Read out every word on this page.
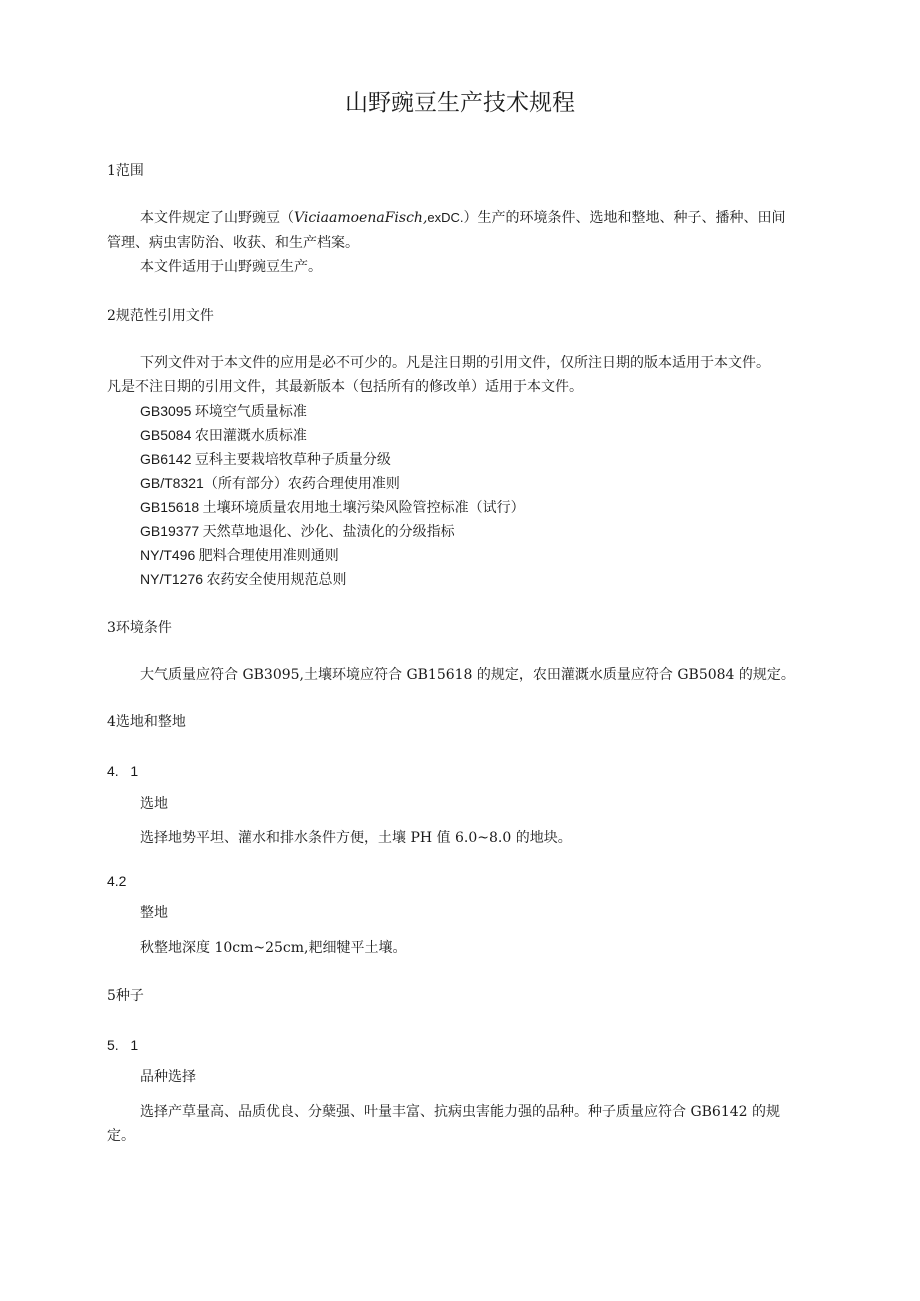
山野豌豆生产技术规程
1范围
本文件规定了山野豌豆（ViciaamoenaFisch,exDC.）生产的环境条件、选地和整地、种子、播种、田间
管理、病虫害防治、收获、和生产档案。
本文件适用于山野豌豆生产。
2规范性引用文件
下列文件对于本文件的应用是必不可少的。凡是注日期的引用文件，仅所注日期的版本适用于本文件。
凡是不注日期的引用文件，其最新版本（包括所有的修改单）适用于本文件。
GB3095 环境空气质量标准
GB5084 农田灌溉水质标准
GB6142 豆科主要栽培牧草种子质量分级
GB/T8321（所有部分）农药合理使用准则
GB15618 土壤环境质量农用地土壤污染风险管控标准（试行）
GB19377 天然草地退化、沙化、盐渍化的分级指标
NY/T496 肥料合理使用准则通则
NY/T1276 农药安全使用规范总则
3环境条件
大气质量应符合 GB3095,土壤环境应符合 GB15618 的规定，农田灌溉水质量应符合 GB5084 的规定。
4选地和整地
4.   1
选地
选择地势平坦、灌水和排水条件方便，土壤 PH 值 6.0~8.0 的地块。
4.2
整地
秋整地深度 10cm~25cm,耙细犍平土壤。
5种子
5.   1
品种选择
选择产草量高、品质优良、分蘖强、叶量丰富、抗病虫害能力强的品种。种子质量应符合 GB6142 的规
定。
